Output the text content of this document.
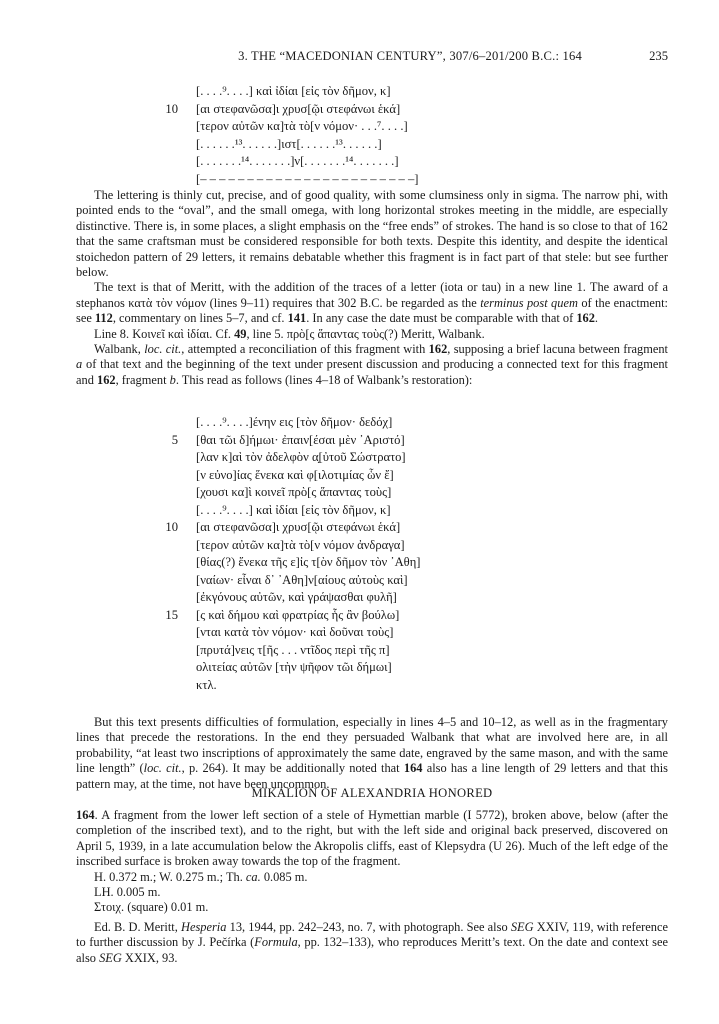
3. THE “MACEDONIAN CENTURY”, 307/6–201/200 B.C.: 164	235
[. . . .⁹. . . .] καὶ ἰδίαι [εἰς τὸν δῆμον, κ]
10 [αι στεφανῶσα]ι χρυσ[ῷι στεφάνωι ἑκά]
[τερον αὐτῶν κα]τὰ τὸ[ν νόμον· . . .⁷. . . .]
[. . . . . .¹³. . . . . .]ιστ[. . . . . .¹³. . . . . .]
[. . . . . . .¹⁴. . . . . . .]ν[. . . . . . .¹⁴. . . . . . .]
[– – – – – – – – – – – – – – – – – – – – – – –]

The lettering is thinly cut, precise, and of good quality, with some clumsiness only in sigma. The narrow phi, with pointed ends to the “oval”, and the small omega, with long horizontal strokes meeting in the middle, are especially distinctive. There is, in some places, a slight emphasis on the “free ends” of strokes. The hand is so close to that of 162 that the same craftsman must be considered responsible for both texts. Despite this identity, and despite the identical stoichedon pattern of 29 letters, it remains debatable whether this fragment is in fact part of that stele: but see further below.

The text is that of Meritt, with the addition of the traces of a letter (iota or tau) in a new line 1. The award of a stephanos κατὰ τὸν νόμον (lines 9–11) requires that 302 B.C. be regarded as the terminus post quem of the enactment: see 112, commentary on lines 5–7, and cf. 141. In any case the date must be comparable with that of 162.

Line 8. Κοινεῖ καὶ ἰδίαι. Cf. 49, line 5. πρὸ[ς ἅπαντας τοὺς(?) Meritt, Walbank.

Walbank, loc. cit., attempted a reconciliation of this fragment with 162, supposing a brief lacuna between fragment a of that text and the beginning of the text under present discussion and producing a connected text for this fragment and 162, fragment b. This read as follows (lines 4–18 of Walbank’s restoration):

[. . . .⁹. . . .]ένην εις [τὸν δῆμον· δεδόχ]
5 [θαι τῶι δ]ήμωι· ἐπαιν[έσαι μὲν ᾿Αριστό]
[λαν κ]αὶ τὸν ἀδελφὸν α̣[ὐτοῦ Σώστρατο]
[ν εὐνο]ίας ἕνεκα καὶ φ[ιλοτιμίας ὧν ἔ]
[χουσι κα]ὶ κοινεῖ πρὸ[ς ἅπαντας τοὺς]
[. . . .⁹. . . .] καὶ ἰδίαι [εἰς τὸν δῆμον, κ]
10 [αι στεφανῶσα]ι χρυσ[ῷι στεφάνωι ἑκά]
[τερον αὐτῶν κα]τὰ τὸ[ν νόμον ἀνδραγα]
[θίας(?) ἕνεκα τῆς ε]ἰς τ[ὸν δῆμον τὸν ᾿Αθη]
[ναίων· εἶναι δ᾿ ᾿Αθη]ν[αίους αὐτοὺς καὶ]
[ἐκγόνους αὐτῶν, καὶ γράψασθαι φυλῆ]
15 [ς καὶ δήμου καὶ φρατρίας ἧς ἂν βούλω]
[νται κατὰ τὸν νόμον· καὶ δοῦναι τοὺς]
[πρυτά]νεις τ[ῆς . . . ντῖδος περὶ τῆς π]
ολιτείας αὐτῶν [τὴν ψῆφον τῶι δήμωι]
κτλ.

But this text presents difficulties of formulation, especially in lines 4–5 and 10–12, as well as in the fragmentary lines that precede the restorations. In the end they persuaded Walbank that what are involved here are, in all probability, “at least two inscriptions of approximately the same date, engraved by the same mason, and with the same line length” (loc. cit., p. 264). It may be additionally noted that 164 also has a line length of 29 letters and that this pattern may, at the time, not have been uncommon.

MIKALION OF ALEXANDRIA HONORED

164. A fragment from the lower left section of a stele of Hymettian marble (I 5772), broken above, below (after the completion of the inscribed text), and to the right, but with the left side and original back preserved, discovered on April 5, 1939, in a late accumulation below the Akropolis cliffs, east of Klepsydra (U 26). Much of the left edge of the inscribed surface is broken away towards the top of the fragment.

H. 0.372 m.; W. 0.275 m.; Th. ca. 0.085 m.

LH. 0.005 m.

Στοιχ. (square) 0.01 m.

Ed. B. D. Meritt, Hesperia 13, 1944, pp. 242–243, no. 7, with photograph. See also SEG XXIV, 119, with reference to further discussion by J. Pečírka (Formula, pp. 132–133), who reproduces Meritt’s text. On the date and context see also SEG XXIX, 93.
